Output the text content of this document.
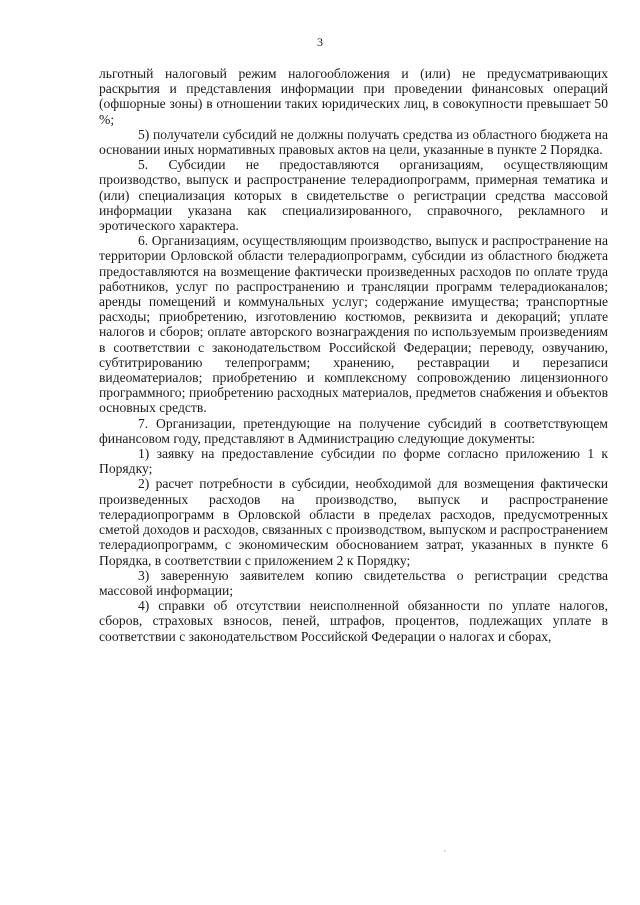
3

льготный налоговый режим налогообложения и (или) не предусматривающих раскрытия и представления информации при проведении финансовых операций (офшорные зоны) в отношении таких юридических лиц, в совокупности превышает 50 %;

5) получатели субсидий не должны получать средства из областного бюджета на основании иных нормативных правовых актов на цели, указанные в пункте 2 Порядка.

5. Субсидии не предоставляются организациям, осуществляющим производство, выпуск и распространение телерадиопрограмм, примерная тематика и (или) специализация которых в свидетельстве о регистрации средства массовой информации указана как специализированного, справочного, рекламного и эротического характера.

6. Организациям, осуществляющим производство, выпуск и распространение на территории Орловской области телерадиопрограмм, субсидии из областного бюджета предоставляются на возмещение фактически произведенных расходов по оплате труда работников, услуг по распространению и трансляции программ телерадиоканалов; аренды помещений и коммунальных услуг; содержание имущества; транспортные расходы; приобретению, изготовлению костюмов, реквизита и декораций; уплате налогов и сборов; оплате авторского вознаграждения по используемым произведениям в соответствии с законодательством Российской Федерации; переводу, озвучанию, субтитрированию телепрограмм; хранению, реставрации и перезаписи видеоматериалов; приобретению и комплексному сопровождению лицензионного программного; приобретению расходных материалов, предметов снабжения и объектов основных средств.

7. Организации, претендующие на получение субсидий в соответствующем финансовом году, представляют в Администрацию следующие документы:

1) заявку на предоставление субсидии по форме согласно приложению 1 к Порядку;

2) расчет потребности в субсидии, необходимой для возмещения фактически произведенных расходов на производство, выпуск и распространение телерадиопрограмм в Орловской области в пределах расходов, предусмотренных сметой доходов и расходов, связанных с производством, выпуском и распространением телерадиопрограмм, с экономическим обоснованием затрат, указанных в пункте 6 Порядка, в соответствии с приложением 2 к Порядку;

3) заверенную заявителем копию свидетельства о регистрации средства массовой информации;

4) справки об отсутствии неисполненной обязанности по уплате налогов, сборов, страховых взносов, пеней, штрафов, процентов, подлежащих уплате в соответствии с законодательством Российской Федерации о налогах и сборах,
